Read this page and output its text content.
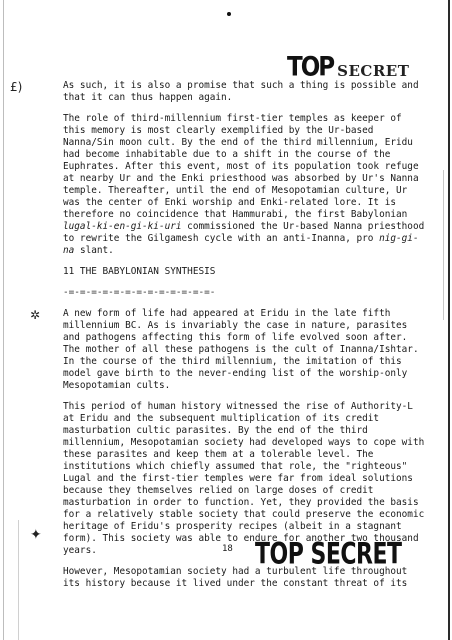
TOP SECRET
£)
✲
✦

As such, it is also a promise that such a thing is possible and that it can thus happen again.

The role of third-millennium first-tier temples as keeper of this memory is most clearly exemplified by the Ur-based Nanna/Sin moon cult. By the end of the third millennium, Eridu had become inhabitable due to a shift in the course of the Euphrates. After this event, most of its population took refuge at nearby Ur and the Enki priesthood was absorbed by Ur's Nanna temple. Thereafter, until the end of Mesopotamian culture, Ur was the center of Enki worship and Enki-related lore. It is therefore no coincidence that Hammurabi, the first Babylonian lugal-ki-en-gi-ki-uri commissioned the Ur-based Nanna priesthood to rewrite the Gilgamesh cycle with an anti-Inanna, pro nig-gi-na slant.

11 THE BABYLONIAN SYNTHESIS

-=-=-=-=-=-=-=-=-=-=-=-=-=-

A new form of life had appeared at Eridu in the late fifth millennium BC. As is invariably the case in nature, parasites and pathogens affecting this form of life evolved soon after. The mother of all these pathogens is the cult of Inanna/Ishtar. In the course of the third millennium, the imitation of this model gave birth to the never-ending list of the worship-only Mesopotamian cults.

This period of human history witnessed the rise of Authority-L at Eridu and the subsequent multiplication of its credit masturbation cultic parasites. By the end of the third millennium, Mesopotamian society had developed ways to cope with these parasites and keep them at a tolerable level. The institutions which chiefly assumed that role, the "righteous" Lugal and the first-tier temples were far from ideal solutions because they themselves relied on large doses of credit masturbation in order to function. Yet, they provided the basis for a relatively stable society that could preserve the economic heritage of Eridu's prosperity recipes (albeit in a stagnant form). This society was able to endure for another two thousand years.

However, Mesopotamian society had a turbulent life throughout its history because it lived under the constant threat of its

18 TOP SECRET
